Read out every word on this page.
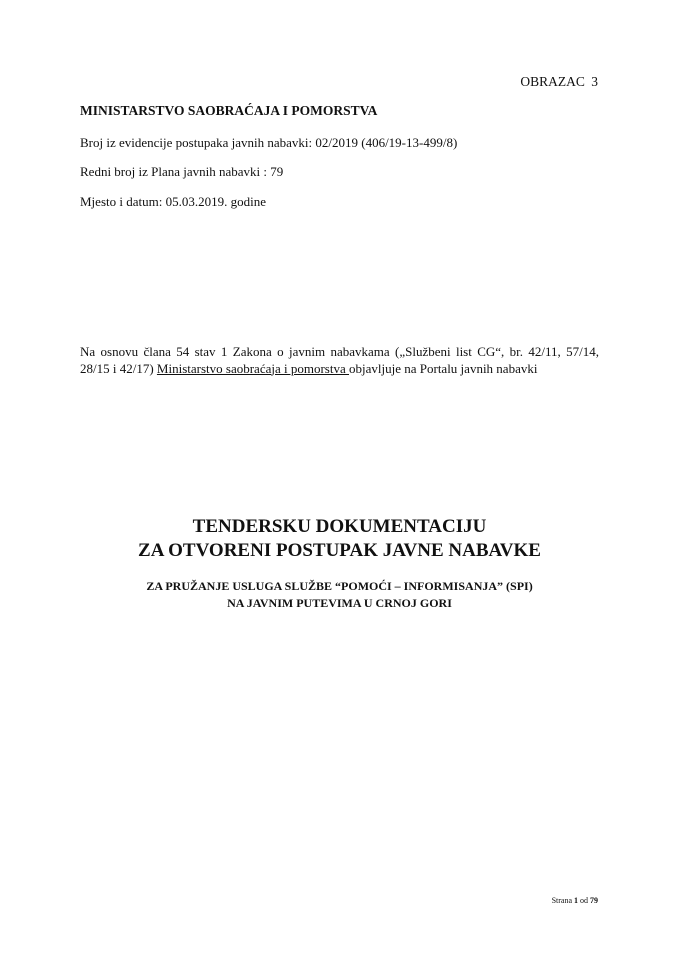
OBRAZAC 3
MINISTARSTVO SAOBRAĆAJA I POMORSTVA
Broj iz evidencije postupaka javnih nabavki: 02/2019 (406/19-13-499/8)
Redni broj iz Plana javnih nabavki : 79
Mjesto i datum: 05.03.2019. godine
Na osnovu člana 54 stav 1 Zakona o javnim nabavkama („Službeni list CG“, br. 42/11, 57/14, 28/15 i 42/17) Ministarstvo saobraćaja i pomorstva objavljuje na Portalu javnih nabavki
TENDERSKU DOKUMENTACIJU
ZA OTVORENI POSTUPAK JAVNE NABAVKE
ZA PRUŽANJE USLUGA SLUŽBE “POMOĆI – INFORMISANJA” (SPI)
NA JAVNIM PUTEVIMA U CRNOJ GORI
Strana 1 od 79
